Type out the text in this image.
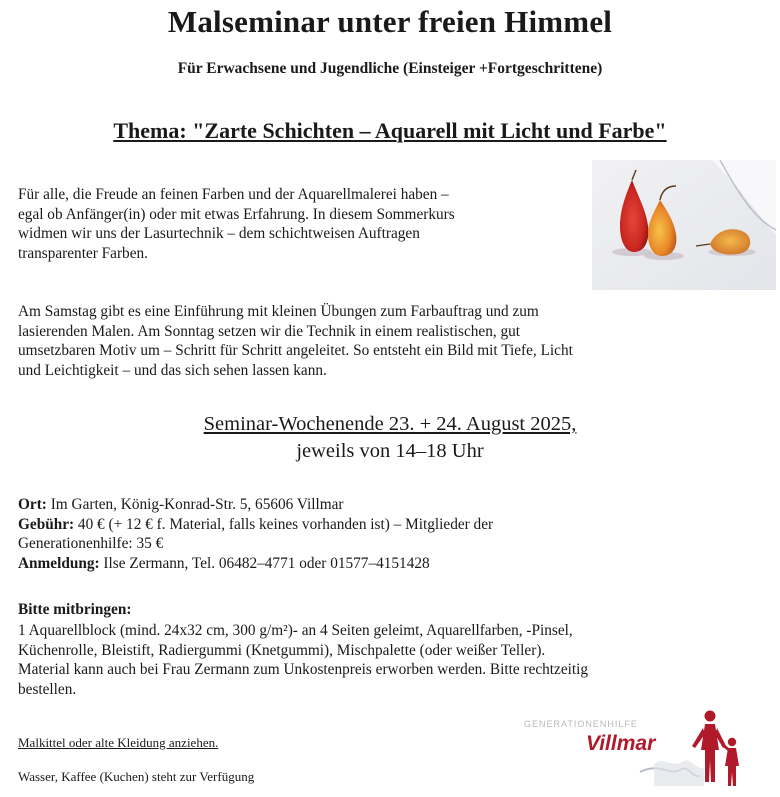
Malseminar unter freien Himmel
Für Erwachsene und Jugendliche (Einsteiger +Fortgeschrittene)
Thema: "Zarte Schichten – Aquarell mit Licht und Farbe"
Für alle, die Freude an feinen Farben und der Aquarellmalerei haben –
egal ob Anfänger(in) oder mit etwas Erfahrung. In diesem Sommerkurs
widmen wir uns der Lasurtechnik – dem schichtweisen Auftragen
transparenter Farben.
Am Samstag gibt es eine Einführung mit kleinen Übungen zum Farbauftrag und zum
lasierenden Malen. Am Sonntag setzen wir die Technik in einem realistischen, gut
umsetzbaren Motiv um – Schritt für Schritt angeleitet. So entsteht ein Bild mit Tiefe, Licht
und Leichtigkeit – und das sich sehen lassen kann.
Seminar-Wochenende 23. + 24. August 2025,
jeweils von 14–18 Uhr
Ort: Im Garten, König-Konrad-Str. 5, 65606 Villmar
Gebühr: 40 € (+ 12 € f. Material, falls keines vorhanden ist) – Mitglieder der
Generationenhilfe: 35 €
Anmeldung: Ilse Zermann, Tel. 06482–4771 oder 01577–4151428
Bitte mitbringen:
1 Aquarellblock (mind. 24x32 cm, 300 g/m²)- an 4 Seiten geleimt, Aquarellfarben, -Pinsel,
Küchenrolle, Bleistift, Radiergummi (Knetgummi), Mischpalette (oder weißer Teller).
Material kann auch bei Frau Zermann zum Unkostenpreis erworben werden. Bitte rechtzeitig
bestellen.
Malkittel oder alte Kleidung anziehen.
Wasser, Kaffee (Kuchen) steht zur Verfügung
GENERATIONENHILFE
Villmar
